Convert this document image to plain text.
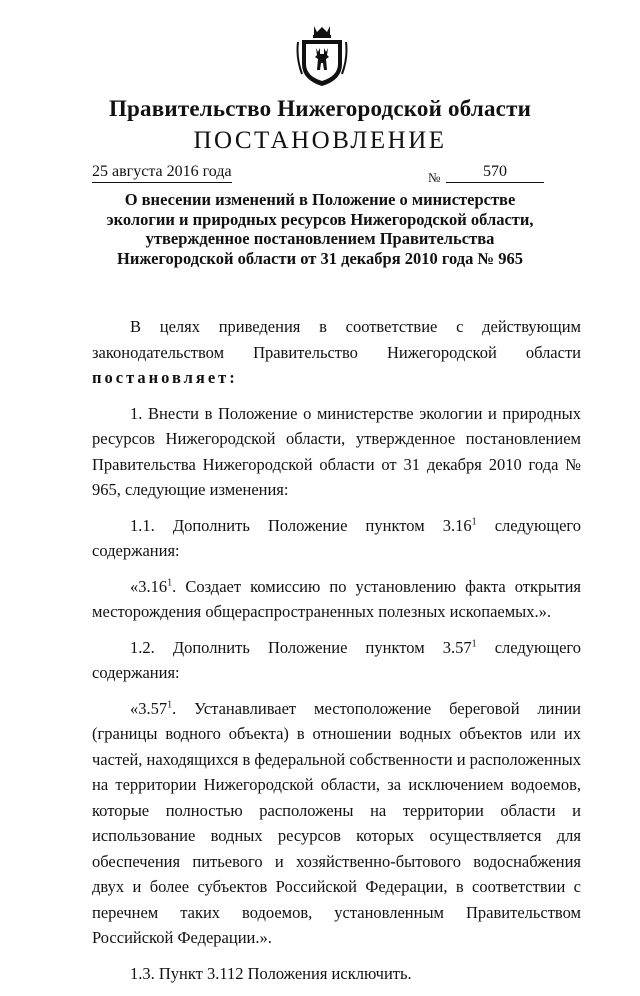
Правительство Нижегородской области
ПОСТАНОВЛЕНИЕ
25 августа 2016 года	№	570

О внесении изменений в Положение о министерстве
экологии и природных ресурсов Нижегородской области,
утвержденное постановлением Правительства
Нижегородской области от 31 декабря 2010 года № 965

В целях приведения в соответствие с действующим законодательством Правительство Нижегородской области постановляет:

1. Внести в Положение о министерстве экологии и природных ресурсов Нижегородской области, утвержденное постановлением Правительства Нижегородской области от 31 декабря 2010 года № 965, следующие изменения:

1.1. Дополнить Положение пунктом 3.16$^1$ следующего содержания:

«3.16$^1$. Создает комиссию по установлению факта открытия месторождения общераспространенных полезных ископаемых.».

1.2. Дополнить Положение пунктом 3.57$^1$ следующего содержания:

«3.57$^1$. Устанавливает местоположение береговой линии (границы водного объекта) в отношении водных объектов или их частей, находящихся в федеральной собственности и расположенных на территории Нижегородской области, за исключением водоемов, которые полностью расположены на территории области и использование водных ресурсов которых осуществляется для обеспечения питьевого и хозяйственно-бытового водоснабжения двух и более субъектов Российской Федерации, в соответствии с перечнем таких водоемов, установленным Правительством Российской Федерации.».

1.3. Пункт 3.112 Положения исключить.
